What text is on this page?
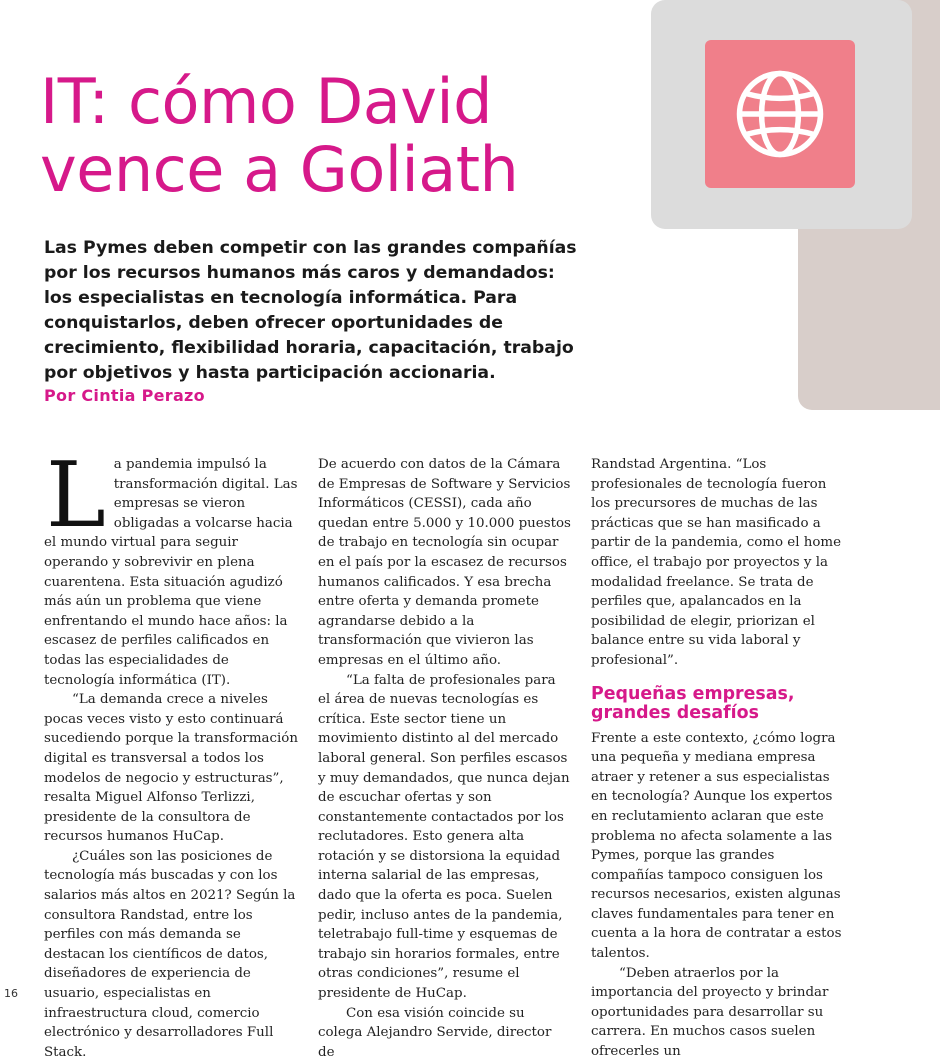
IT: cómo David
vence a Goliath

Las Pymes deben competir con las grandes compañías por los recursos humanos más caros y demandados: los especialistas en tecnología informática. Para conquistarlos, deben ofrecer oportunidades de crecimiento, flexibilidad horaria, capacitación, trabajo por objetivos y hasta participación accionaria.

Por Cintia Perazo

La pandemia impulsó la transformación digital. Las empresas se vieron obligadas a volcarse hacia el mundo virtual para seguir operando y sobrevivir en plena cuarentena. Esta situación agudizó más aún un problema que viene enfrentando el mundo hace años: la escasez de perfiles calificados en todas las especialidades de tecnología informática (IT).

“La demanda crece a niveles pocas veces visto y esto continuará sucediendo porque la transformación digital es transversal a todos los modelos de negocio y estructuras”, resalta Miguel Alfonso Terlizzi, presidente de la consultora de recursos humanos HuCap.

¿Cuáles son las posiciones de tecnología más buscadas y con los salarios más altos en 2021? Según la consultora Randstad, entre los perfiles con más demanda se destacan los científicos de datos, diseñadores de experiencia de usuario, especialistas en infraestructura cloud, comercio electrónico y desarrolladores Full Stack.

De acuerdo con datos de la Cámara de Empresas de Software y Servicios Informáticos (CESSI), cada año quedan entre 5.000 y 10.000 puestos de trabajo en tecnología sin ocupar en el país por la escasez de recursos humanos calificados. Y esa brecha entre oferta y demanda promete agrandarse debido a la transformación que vivieron las empresas en el último año.

“La falta de profesionales para el área de nuevas tecnologías es crítica. Este sector tiene un movimiento distinto al del mercado laboral general. Son perfiles escasos y muy demandados, que nunca dejan de escuchar ofertas y son constantemente contactados por los reclutadores. Esto genera alta rotación y se distorsiona la equidad interna salarial de las empresas, dado que la oferta es poca. Suelen pedir, incluso antes de la pandemia, teletrabajo full-time y esquemas de trabajo sin horarios formales, entre otras condiciones”, resume el presidente de HuCap.

Con esa visión coincide su colega Alejandro Servide, director de

Randstad Argentina. “Los profesionales de tecnología fueron los precursores de muchas de las prácticas que se han masificado a partir de la pandemia, como el home office, el trabajo por proyectos y la modalidad freelance. Se trata de perfiles que, apalancados en la posibilidad de elegir, priorizan el balance entre su vida laboral y profesional”.

Pequeñas empresas,
grandes desafíos

Frente a este contexto, ¿cómo logra una pequeña y mediana empresa atraer y retener a sus especialistas en tecnología? Aunque los expertos en reclutamiento aclaran que este problema no afecta solamente a las Pymes, porque las grandes compañías tampoco consiguen los recursos necesarios, existen algunas claves fundamentales para tener en cuenta a la hora de contratar a estos talentos.

“Deben atraerlos por la importancia del proyecto y brindar oportunidades para desarrollar su carrera. En muchos casos suelen ofrecerles un

16
